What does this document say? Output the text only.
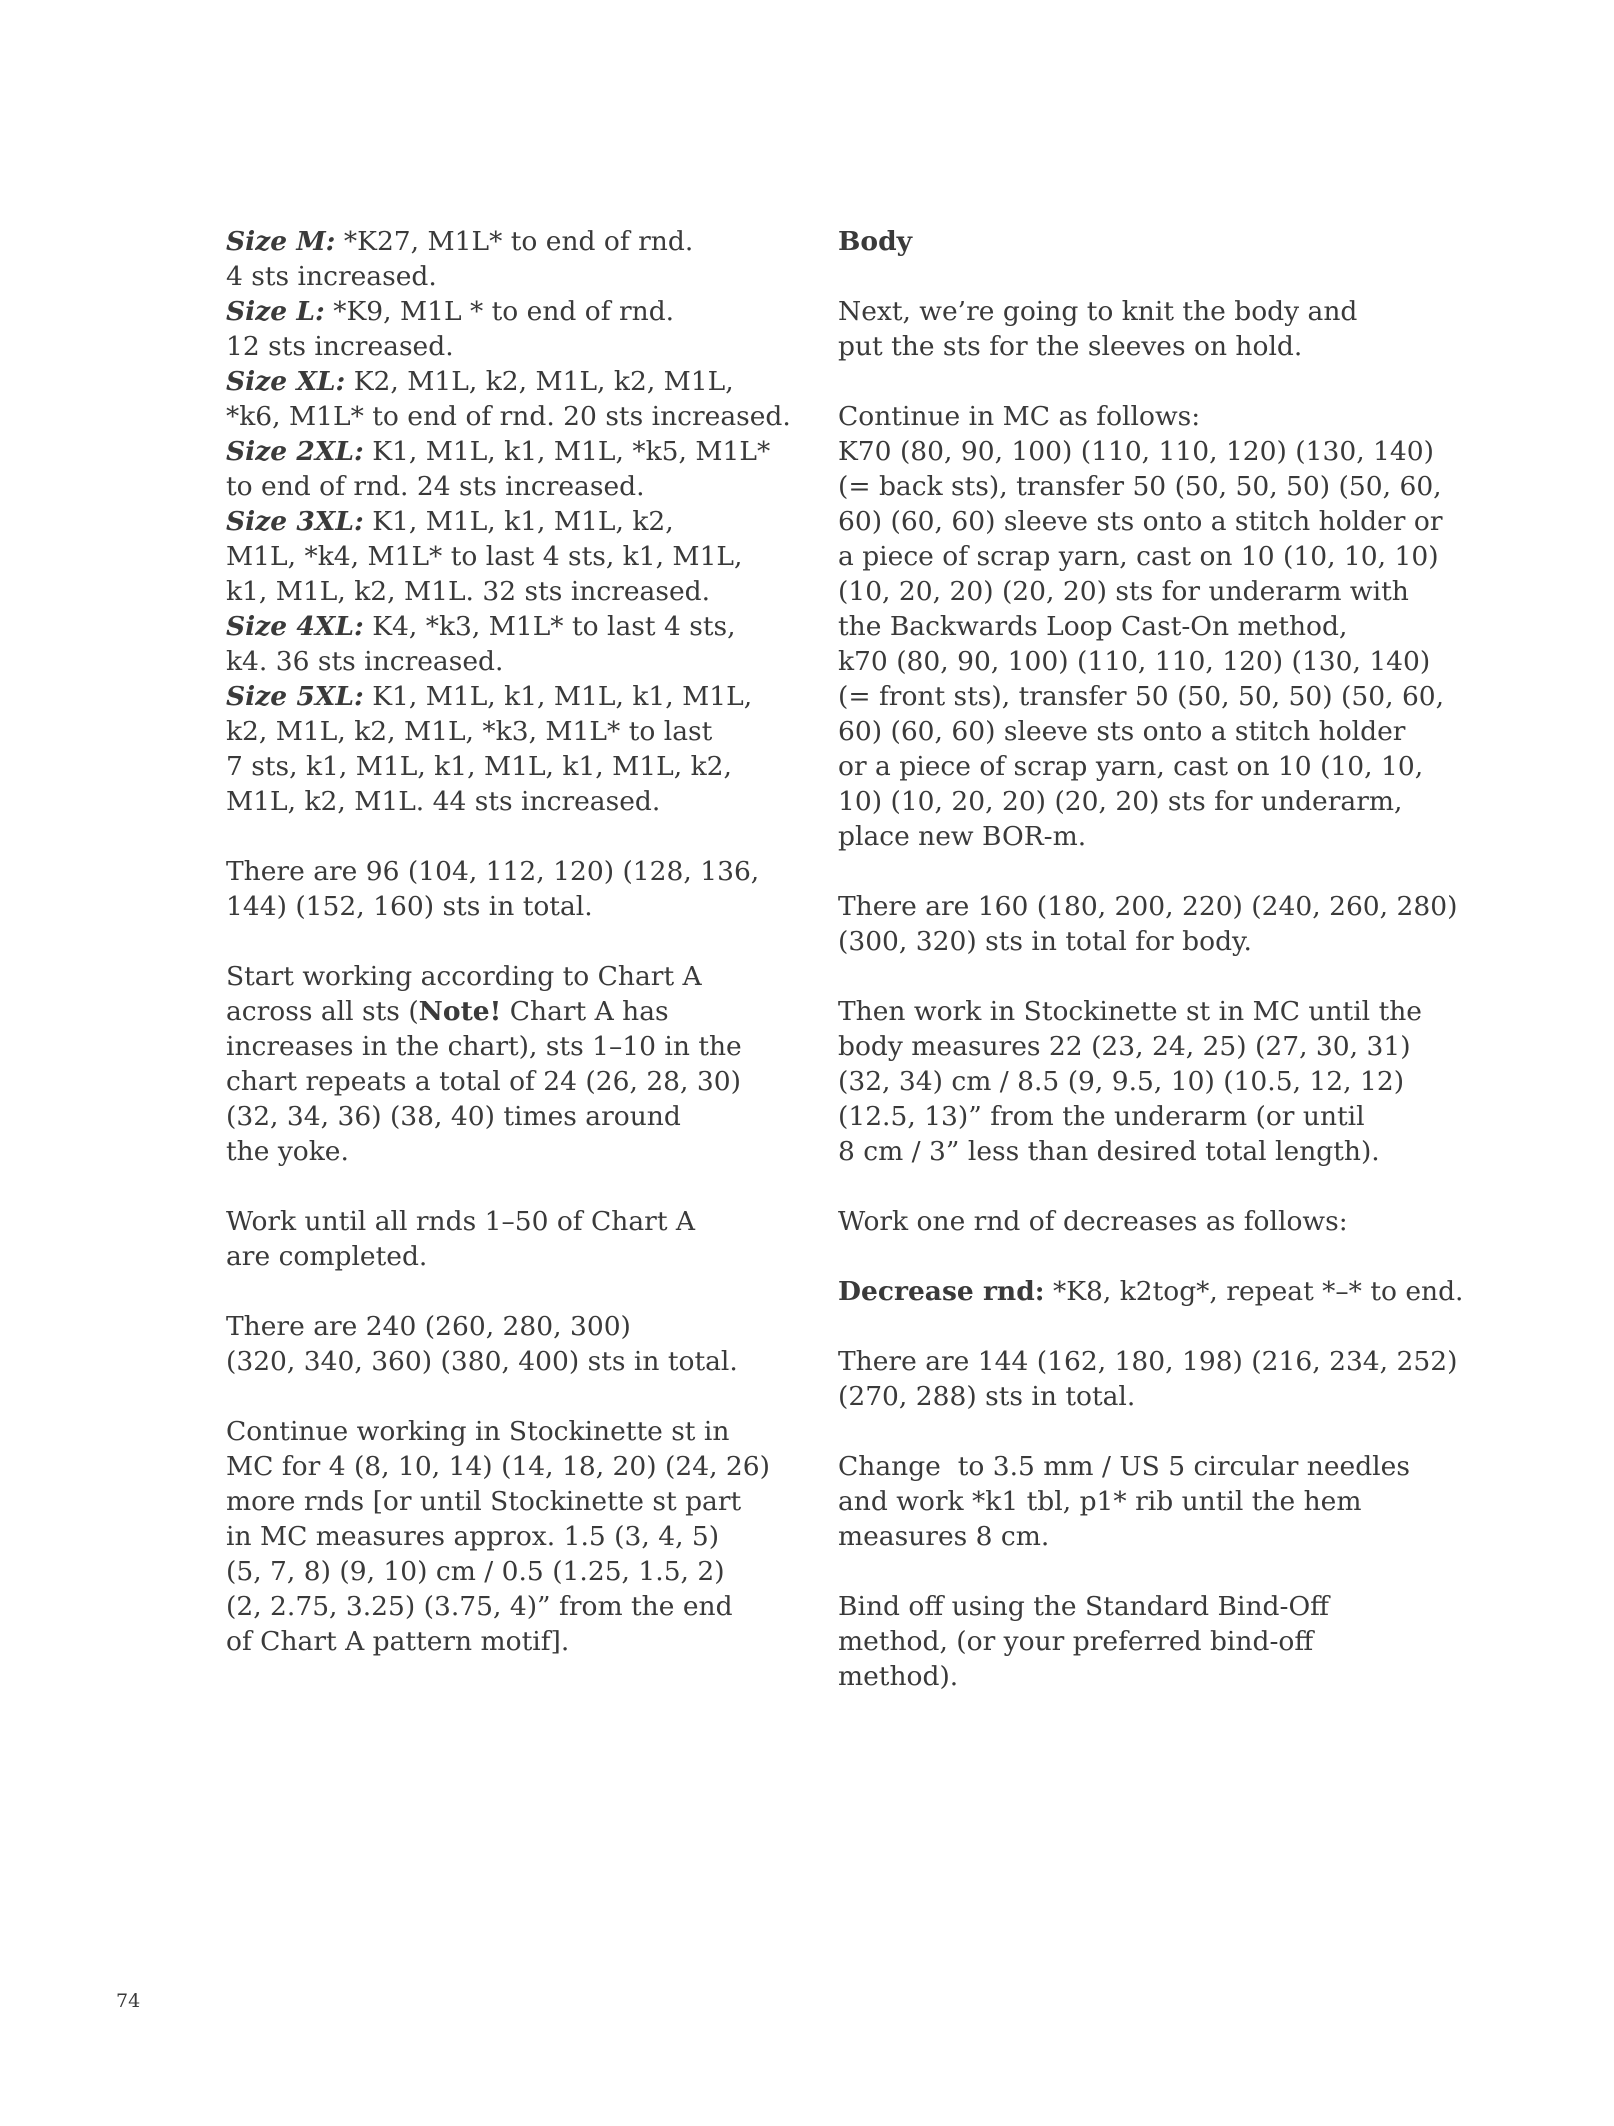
Size M: *K27, M1L* to end of rnd.
4 sts increased.
Size L: *K9, M1L * to end of rnd.
12 sts increased.
Size XL: K2, M1L, k2, M1L, k2, M1L,
*k6, M1L* to end of rnd. 20 sts increased.
Size 2XL: K1, M1L, k1, M1L, *k5, M1L*
to end of rnd. 24 sts increased.
Size 3XL: K1, M1L, k1, M1L, k2,
M1L, *k4, M1L* to last 4 sts, k1, M1L,
k1, M1L, k2, M1L. 32 sts increased.
Size 4XL: K4, *k3, M1L* to last 4 sts,
k4. 36 sts increased.
Size 5XL: K1, M1L, k1, M1L, k1, M1L,
k2, M1L, k2, M1L, *k3, M1L* to last
7 sts, k1, M1L, k1, M1L, k1, M1L, k2,
M1L, k2, M1L. 44 sts increased.
There are 96 (104, 112, 120) (128, 136,
144) (152, 160) sts in total.
Start working according to Chart A
across all sts (Note! Chart A has
increases in the chart), sts 1–10 in the
chart repeats a total of 24 (26, 28, 30)
(32, 34, 36) (38, 40) times around
the yoke.
Work until all rnds 1–50 of Chart A
are completed.
There are 240 (260, 280, 300)
(320, 340, 360) (380, 400) sts in total.
Continue working in Stockinette st in
MC for 4 (8, 10, 14) (14, 18, 20) (24, 26)
more rnds [or until Stockinette st part
in MC measures approx. 1.5 (3, 4, 5)
(5, 7, 8) (9, 10) cm / 0.5 (1.25, 1.5, 2)
(2, 2.75, 3.25) (3.75, 4)” from the end
of Chart A pattern motif].
Body
Next, we’re going to knit the body and
put the sts for the sleeves on hold.
Continue in MC as follows:
K70 (80, 90, 100) (110, 110, 120) (130, 140)
(= back sts), transfer 50 (50, 50, 50) (50, 60,
60) (60, 60) sleeve sts onto a stitch holder or
a piece of scrap yarn, cast on 10 (10, 10, 10)
(10, 20, 20) (20, 20) sts for underarm with
the Backwards Loop Cast-On method,
k70 (80, 90, 100) (110, 110, 120) (130, 140)
(= front sts), transfer 50 (50, 50, 50) (50, 60,
60) (60, 60) sleeve sts onto a stitch holder
or a piece of scrap yarn, cast on 10 (10, 10,
10) (10, 20, 20) (20, 20) sts for underarm,
place new BOR-m.
There are 160 (180, 200, 220) (240, 260, 280)
(300, 320) sts in total for body.
Then work in Stockinette st in MC until the
body measures 22 (23, 24, 25) (27, 30, 31)
(32, 34) cm / 8.5 (9, 9.5, 10) (10.5, 12, 12)
(12.5, 13)” from the underarm (or until
8 cm / 3” less than desired total length).
Work one rnd of decreases as follows:
Decrease rnd: *K8, k2tog*, repeat *–* to end.
There are 144 (162, 180, 198) (216, 234, 252)
(270, 288) sts in total.
Change  to 3.5 mm / US 5 circular needles
and work *k1 tbl, p1* rib until the hem
measures 8 cm.
Bind off using the Standard Bind-Off
method, (or your preferred bind-off
method).
74
